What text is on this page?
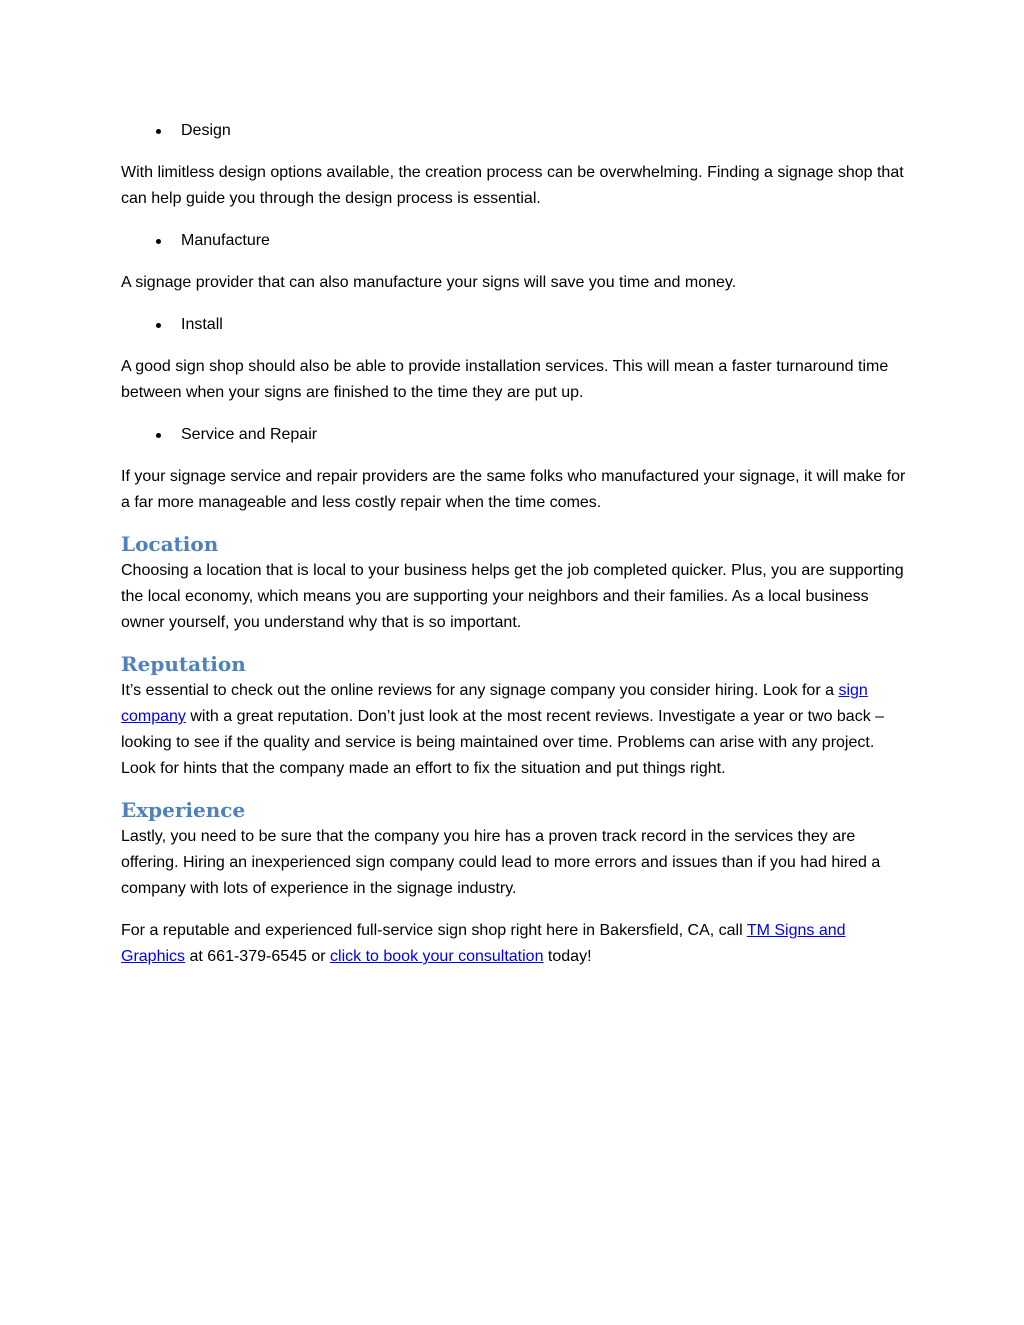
Design

With limitless design options available, the creation process can be overwhelming. Finding a signage shop that can help guide you through the design process is essential.

Manufacture

A signage provider that can also manufacture your signs will save you time and money.

Install

A good sign shop should also be able to provide installation services. This will mean a faster turnaround time between when your signs are finished to the time they are put up.

Service and Repair

If your signage service and repair providers are the same folks who manufactured your signage, it will make for a far more manageable and less costly repair when the time comes.

Location

Choosing a location that is local to your business helps get the job completed quicker. Plus, you are supporting the local economy, which means you are supporting your neighbors and their families. As a local business owner yourself, you understand why that is so important.

Reputation

It’s essential to check out the online reviews for any signage company you consider hiring. Look for a sign company with a great reputation. Don’t just look at the most recent reviews. Investigate a year or two back – looking to see if the quality and service is being maintained over time. Problems can arise with any project. Look for hints that the company made an effort to fix the situation and put things right.

Experience

Lastly, you need to be sure that the company you hire has a proven track record in the services they are offering. Hiring an inexperienced sign company could lead to more errors and issues than if you had hired a company with lots of experience in the signage industry.

For a reputable and experienced full-service sign shop right here in Bakersfield, CA, call TM Signs and Graphics at 661-379-6545 or click to book your consultation today!
